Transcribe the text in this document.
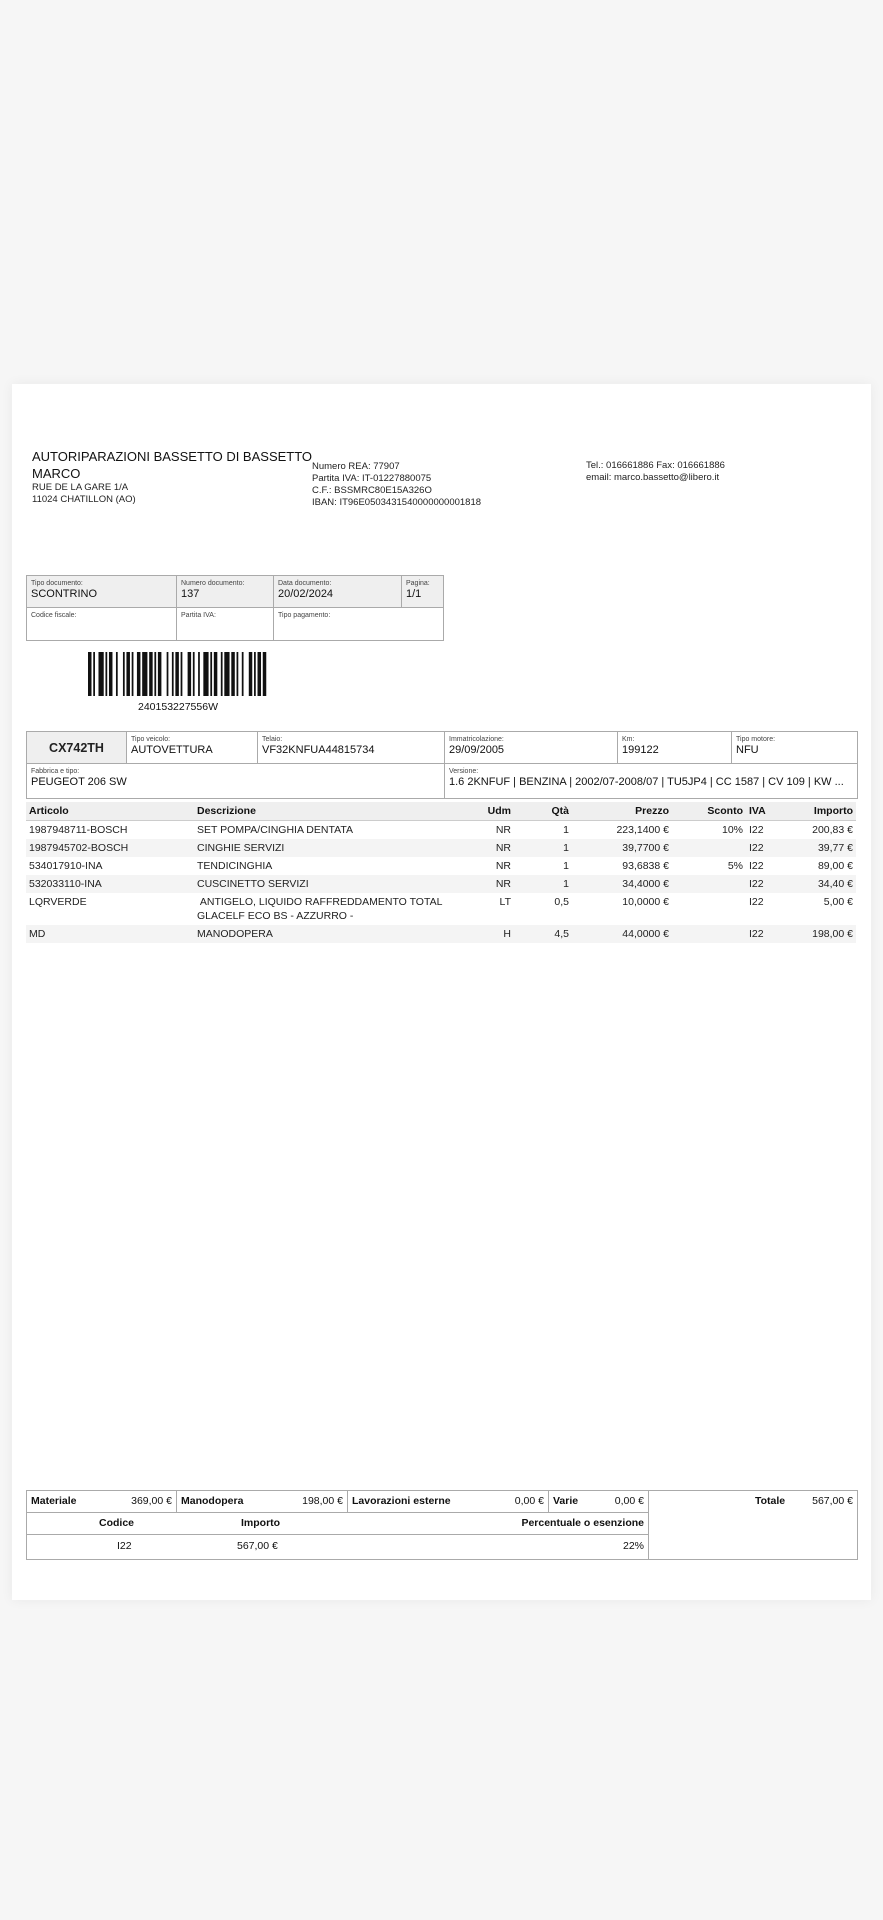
AUTORIPARAZIONI BASSETTO DI BASSETTO MARCO
RUE DE LA GARE 1/A
11024 CHATILLON (AO)
Numero REA: 77907
Partita IVA: IT-01227880075
C.F.: BSSMRC80E15A326O
IBAN: IT96E0503431540000000001818
Tel.: 016661886 Fax: 016661886
email: marco.bassetto@libero.it
Tipo documento:
SCONTRINO
Numero documento:
137
Data documento:
20/02/2024
Pagina:
1/1
Codice fiscale:	Partita IVA:	Tipo pagamento:
240153227556W
CX742TH
Tipo veicolo:
AUTOVETTURA
Telaio:
VF32KNFUA44815734
Immatricolazione:
29/09/2005
Km:
199122
Tipo motore:
NFU
Fabbrica e tipo:
PEUGEOT 206 SW
Versione:
1.6 2KNFUF | BENZINA | 2002/07-2008/07 | TU5JP4 | CC 1587 | CV 109 | KW ...
Articolo	Descrizione	Udm	Qtà	Prezzo	Sconto	IVA	Importo
1987948711-BOSCH	SET POMPA/CINGHIA DENTATA	NR	1	223,1400 €	10%	I22	200,83 €
1987945702-BOSCH	CINGHIE SERVIZI	NR	1	39,7700 €		I22	39,77 €
534017910-INA	TENDICINGHIA	NR	1	93,6838 €	5%	I22	89,00 €
532033110-INA	CUSCINETTO SERVIZI	NR	1	34,4000 €		I22	34,40 €
LQRVERDE	ANTIGELO, LIQUIDO RAFFREDDAMENTO TOTAL GLACELF ECO BS - AZZURRO -	LT	0,5	10,0000 €		I22	5,00 €
MD	MANODOPERA	H	4,5	44,0000 €		I22	198,00 €
Materiale	369,00 € Manodopera	198,00 € Lavorazioni esterne	0,00 € Varie	0,00 €	Totale	567,00 €
Codice	Importo	Percentuale o esenzione
I22	567,00 €	22%
